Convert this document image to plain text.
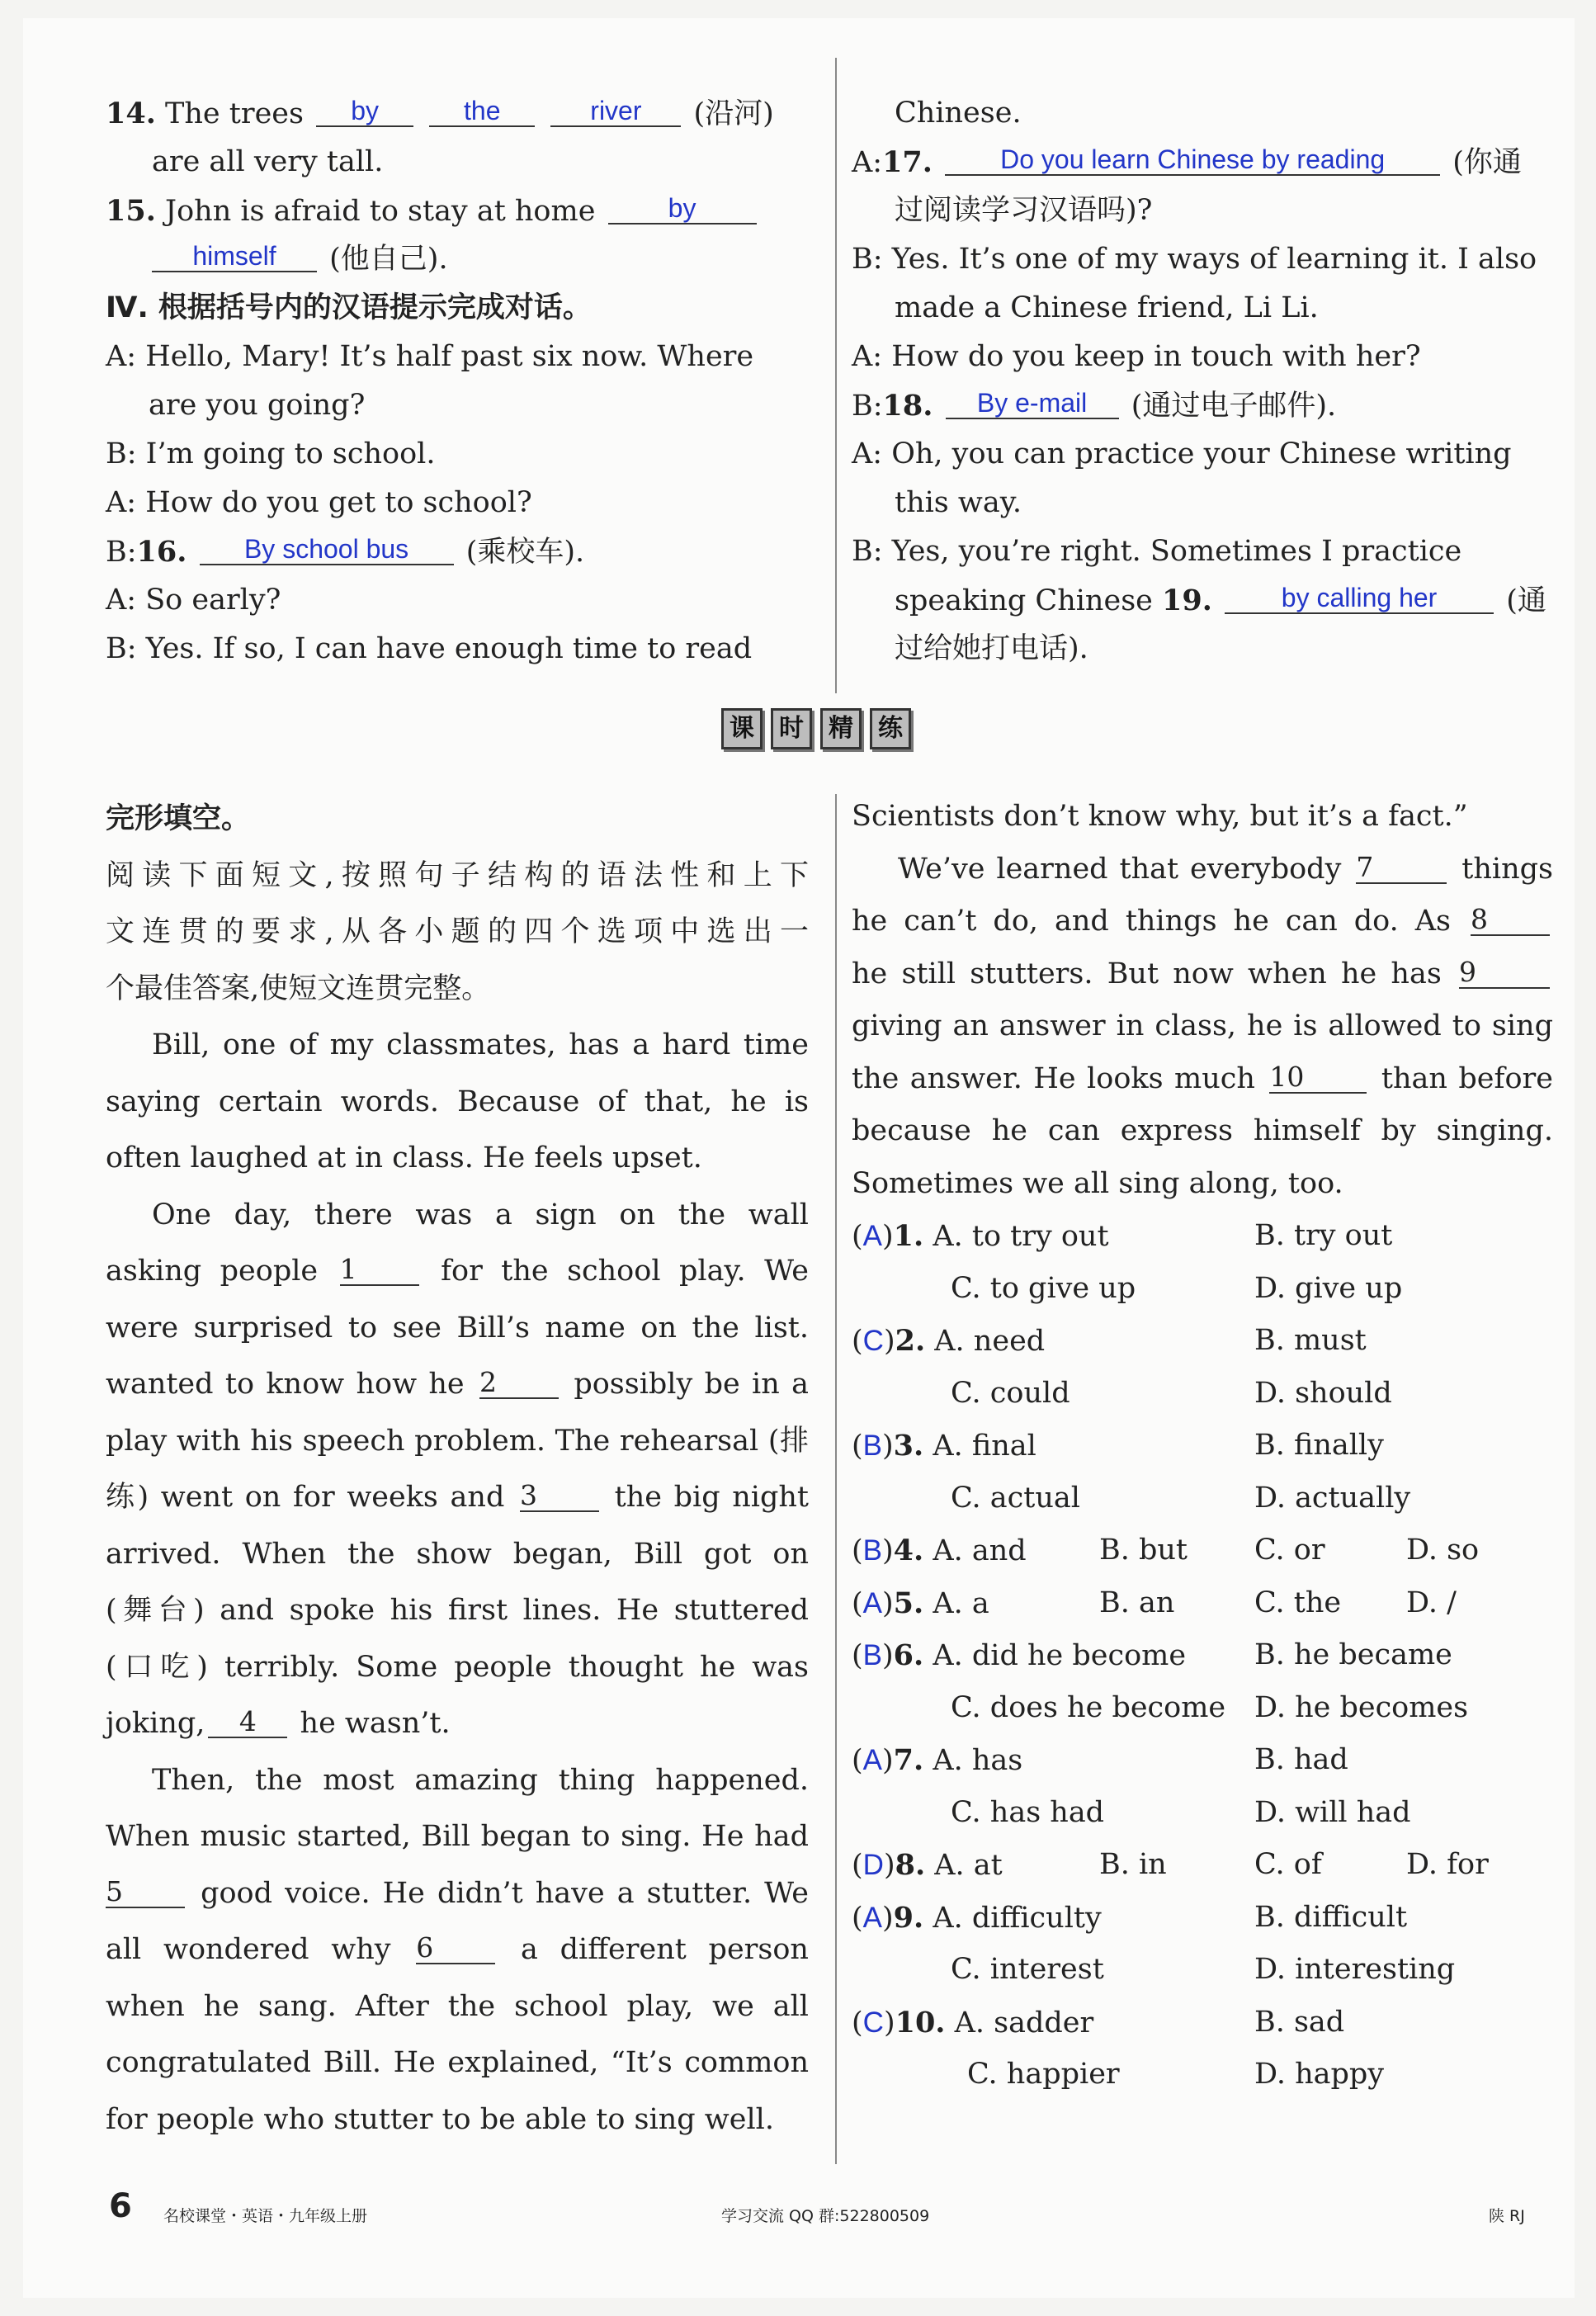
14. The trees by	the	river (沿河)
are all very tall.
15. John is afraid to stay at home	by
himself (他自己).
Ⅳ. 根据括号内的汉语提示完成对话。
A: Hello, Mary! It’s half past six now. Where
are you going?
B: I’m going to school.
A: How do you get to school?
B:16. By school bus (乘校车).
A: So early?
B: Yes. If so, I can have enough time to read
Chinese.
A:17.	Do you learn Chinese by reading (你通
过阅读学习汉语吗)?
B: Yes. It’s one of my ways of learning it. I also
made a Chinese friend, Li Li.
A: How do you keep in touch with her?
B:18. By e-mail (通过电子邮件).
A: Oh, you can practice your Chinese writing
this way.
B: Yes, you’re right. Sometimes I practice
speaking Chinese 19.	by calling her (通
过给她打电话).
课	时	精	练
完形填空。
阅读下面短文,按照句子结构的语法性和上下
文连贯的要求,从各小题的四个选项中选出一
个最佳答案,使短文连贯完整。
Bill, one of my classmates, has a hard time
saying certain words. Because of that, he is
often laughed at in class. He feels upset.
One day, there was a sign on the wall
asking people 1	for the school play. We
were surprised to see Bill’s name on the list.
wanted to know how he 2	possibly be in a
play with his speech problem. The rehearsal (排
练) went on for weeks and 3	the big night
arrived. When the show began, Bill got on
(舞台) and spoke his first lines. He stuttered
(口吃) terribly. Some people thought he was
joking, 4 he wasn’t.
Then, the most amazing thing happened.
When music started, Bill began to sing. He had
5	good voice. He didn’t have a stutter. We
all wondered why 6	a different person
when he sang. After the school play, we all
congratulated Bill. He explained, “It’s common
for people who stutter to be able to sing well.
Scientists don’t know why, but it’s a fact.”
We’ve learned that everybody 7	things
he can’t do, and things he can do. As 8
he still stutters. But now when he has 9
giving an answer in class, he is allowed to sing
the answer. He looks much 10	than before
because he can express himself by singing.
Sometimes we all sing along, too.
(A)1. A. to try out	B. try out
C. to give up	D. give up
(C)2. A. need	B. must
C. could	D. should
(B)3. A. final	B. finally
C. actual	D. actually
(B)4. A. and	B. but C. or	D. so
(A)5. A. a	B. an	C. the D. /
(B)6. A. did he become B. he became
C. does he become D. he becomes
(A)7. A. has	B. had
C. has had	D. will had
(D)8. A. at	B. in	C. of	D. for
(A)9. A. difficulty	B. difficult
C. interest	D. interesting
(C)10. A. sadder	B. sad
C. happier	D. happy
6 名校课堂・英语・九年级上册	学习交流 QQ 群:522800509	陕 RJ
